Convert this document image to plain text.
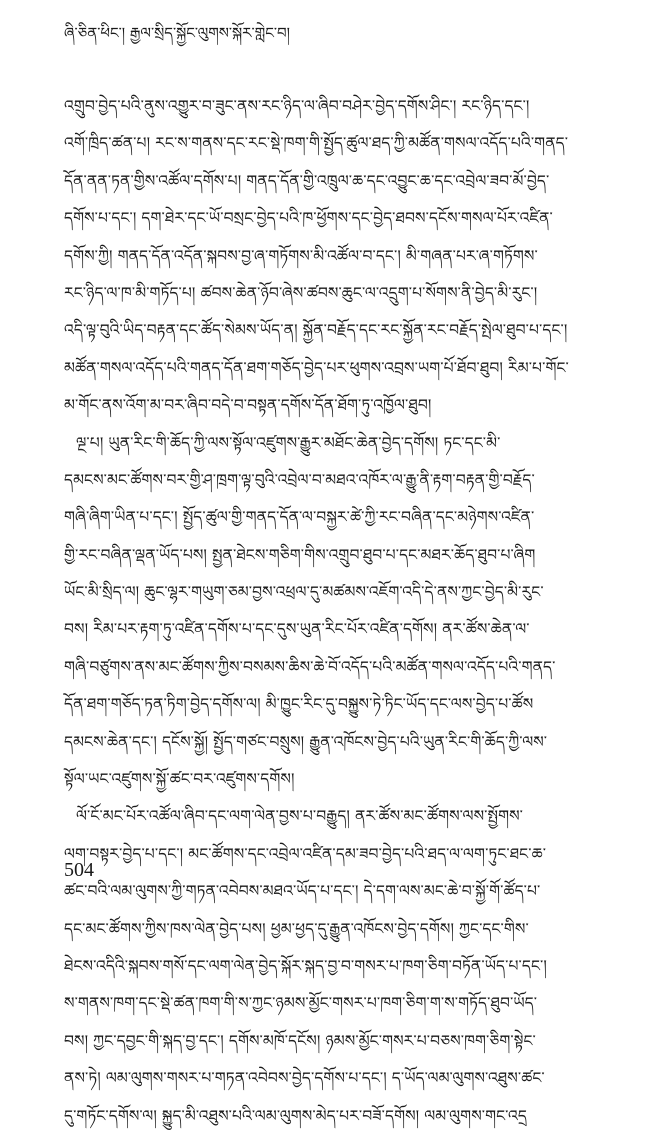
ཞི་ཅིན་ཕིང་། རྒྱལ་སྲིད་སྐྱོང་ལུགས་སྐོར་གླེང་བ།
འགྲུབ་བྱེད་པའི་ནུས་འགྱུར་བ་ཟུང་ནས་རང་ཉིད་ལ་ཞིབ་བཤེར་བྱེད་དགོས་ཤིང་། རང་ཉིད་དང་།
འགོ་ཁྲིད་ཚན་པ། རང་ས་གནས་དང་རང་སྡེ་ཁག་གི་སྤྱོད་ཚུལ་ཐད་ཀྱི་མཚོན་གསལ་འདོད་པའི་གནད་
དོན་ནན་ཏན་གྱིས་འཚོལ་དགོས་པ། གནད་དོན་གྱི་འཁྲུལ་ཆ་དང་འབྱུང་ཆ་དང་འབྲེལ་ཟབ་མོ་བྱེད་
དགོས་པ་དང་། དག་ཐེར་དང་ཡོ་བསྲང་བྱེད་པའི་ཁ་ཕྱོགས་དང་བྱེད་ཐབས་དངོས་གསལ་པོར་འཛིན་
དགོས་ཀྱི། གནད་དོན་འདོན་སྐབས་བྱ་ཞ་གཏོགས་མི་འཚོལ་བ་དང་། མི་གཞན་པར་ཞ་གཏོགས་
རང་ཉིད་ལ་ཁ་མི་གཏོད་པ། ཚབས་ཆེན་ཉོབ་ཞེས་ཚབས་ཆུང་ལ་འདྲུག་པ་སོགས་ནི་བྱེད་མི་རུང་།
འདི་ལྟ་བུའི་ཡིད་བརྟན་དང་ཚོད་སེམས་ཡོད་ན། སྐྱོན་བརྗོད་དང་རང་སྐྱོན་རང་བརྗོད་སྤེལ་ཐུབ་པ་དང་།
མཚོན་གསལ་འདོད་པའི་གནད་དོན་ཐག་གཅོད་བྱེད་པར་ཕུགས་འབྲས་ཡག་པོ་ཐོབ་ཐུབ། རིམ་པ་གོང་
མ་གོང་ནས་འོག་མ་བར་ཞིབ་བདེ་བ་བསྟན་དགོས་དོན་ཐོག་ཏུ་འཁྱོལ་ཐུབ།
ལྔ་པ། ཡུན་རིང་གི་ཆོད་ཀྱི་ལས་སྟོལ་འཛུགས་རྒྱུར་མཐོང་ཆེན་བྱེད་དགོས། ཏང་དང་མི་
དམངས་མང་ཚོགས་བར་གྱི་ཤ་ཁྲག་ལྟ་བུའི་འབྲེལ་བ་མཐའ་འཁོར་ལ་རྒྱུ་ནི་རྟག་བརྟན་གྱི་བརྗོད་
གཞི་ཞིག་ཡིན་པ་དང་། སྤྱོད་ཚུལ་གྱི་གནད་དོན་ལ་བསྐྱར་ཚེ་ཀྱི་རང་བཞིན་དང་མཉེགས་འཛིན་
གྱི་རང་བཞིན་ལྡན་ཡོད་པས། སྤྱན་ཐེངས་གཅིག་གིས་འགྲུབ་ཐུབ་པ་དང་མཐར་ཆོད་ཐུབ་པ་ཞིག
ཡོང་མི་སྲིད་ལ། ཆུང་ལྷར་གཡུག་ཅམ་བྱས་འཕྲལ་དུ་མཚམས་འཇོག་འདི་དེ་ནས་ཀྱང་བྱེད་མི་རུང་
བས། རིམ་པར་རྟག་ཏུ་འཛིན་དགོས་པ་དང་དུས་ཡུན་རིང་པོར་འཛིན་དགོས། ནར་ཚོས་ཆེན་ལ་
གཞི་བཙུགས་ནས་མང་ཚོགས་ཀྱིས་བསམས་ཆིས་ཆེ་བོ་འདོད་པའི་མཚོན་གསལ་འདོད་པའི་གནད་
དོན་ཐག་གཅོད་ཏན་ཏིག་བྱེད་དགོས་ལ། མི་ཁྱུང་རིང་དུ་བསྐྱུས་ཏེ་ཏིང་ཡོད་དང་ལས་བྱེད་པ་ཚོས
དམངས་ཆེན་དང་། དངོས་སྐྱོ། སྤྱོད་གཙང་བསྲུས། རྒྱུན་འཁོངས་བྱེད་པའི་ཡུན་རིང་གི་ཆོད་ཀྱི་ལས་
སྟོལ་ཡང་འཛུགས་སྐྱོ་ཚང་བར་འཛུགས་དགོས།
ལོ་ངོ་མང་པོར་འཚོལ་ཞིབ་དང་ལག་ལེན་བྱས་པ་བརྒྱུད། ནར་ཚོས་མང་ཚོགས་ལས་སྤྱོགས་
ལག་བསྟར་བྱེད་པ་དང་། མང་ཚོགས་དང་འབྲེལ་འཛིན་དམ་ཟབ་བྱེད་པའི་ཐད་ལ་ལག་ཏུང་ཐང་ཆ་
ཚང་བའི་ལམ་ལུགས་ཀྱི་གཏན་འབེབས་མཐའ་ཡོད་པ་དང་། དེ་དག་ལས་མང་ཆེ་བ་སྐྱོ་གོ་ཚོད་པ་
དང་མང་ཚོགས་ཀྱིས་ཁས་ལེན་བྱེད་པས། ཕྱམ་ཕྱད་དུ་རྒྱུན་འཁོངས་བྱེད་དགོས། ཀྱང་དང་གིས་
ཐེངས་འདིའི་སྐབས་གསོ་དང་ལག་ལེན་བྱེད་སྐོར་སྐད་བྱ་བ་གསར་པ་ཁག་ཅིག་བཏོན་ཡོད་པ་དང་།
ས་གནས་ཁག་དང་སྡེ་ཚན་ཁག་གི་ས་ཀྱང་ཉམས་མྱོང་གསར་པ་ཁག་ཅིག་ག་ས་གཏོད་ཐུབ་ཡོད་
བས། ཀྱང་དབྱང་གི་སྐད་བྱ་དང་། དགོས་མཁོ་དངོས། ཉམས་མྱོང་གསར་པ་བཅས་ཁག་ཅིག་སྟེང་
ནས་ཏེ། ལམ་ལུགས་གསར་པ་གཏན་འབེབས་བྱེད་དགོས་པ་དང་། ད་ཡོད་ལམ་ལུགས་འཐུས་ཚང་
དུ་གཏོང་དགོས་ལ། སྐྱུད་མི་འཐུས་པའི་ལམ་ལུགས་མེད་པར་བཟོ་དགོས། ལམ་ལུགས་གང་འདྲ
504
